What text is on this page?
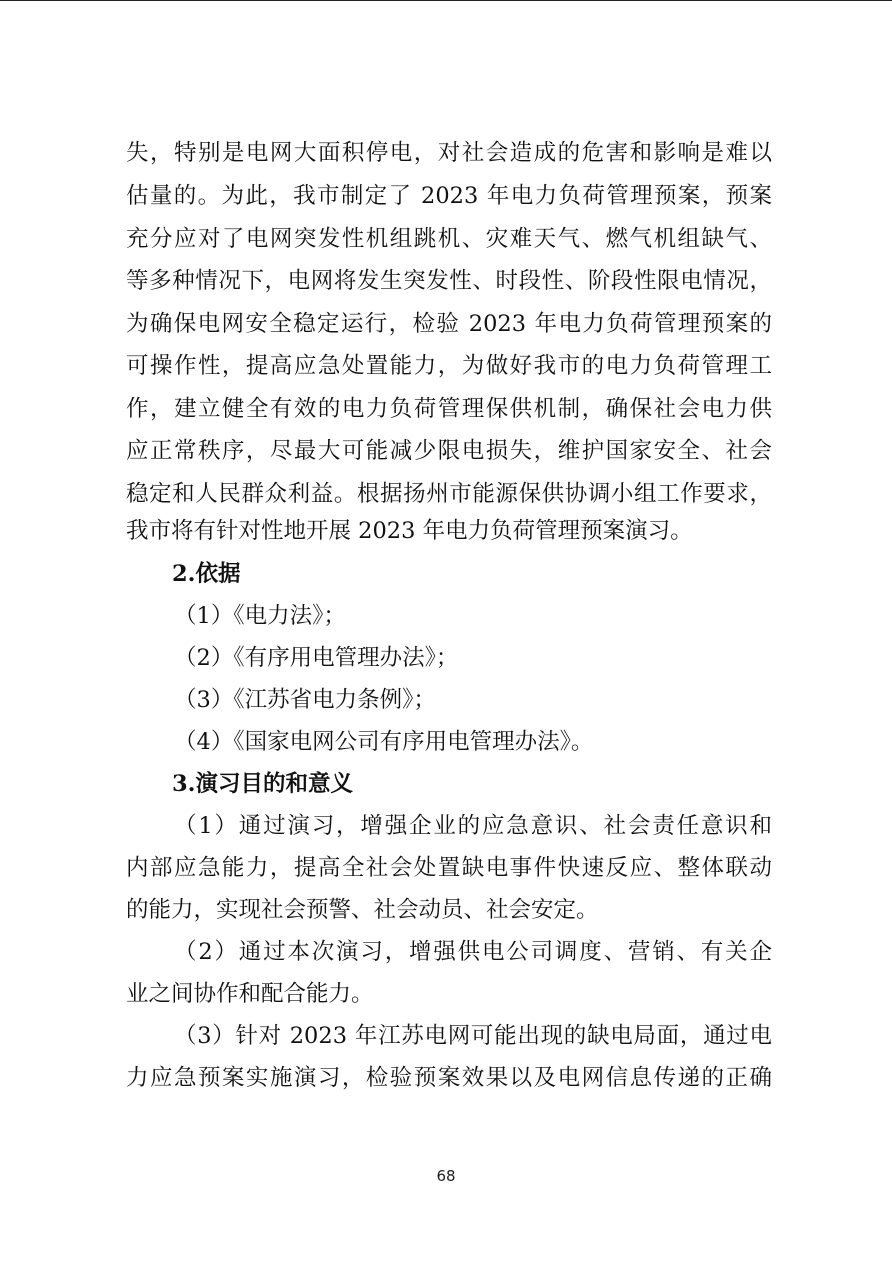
失，特别是电网大面积停电，对社会造成的危害和影响是难以
估量的。为此，我市制定了 2023 年电力负荷管理预案，预案
充分应对了电网突发性机组跳机、灾难天气、燃气机组缺气、
等多种情况下，电网将发生突发性、时段性、阶段性限电情况，
为确保电网安全稳定运行，检验 2023 年电力负荷管理预案的
可操作性，提高应急处置能力，为做好我市的电力负荷管理工
作，建立健全有效的电力负荷管理保供机制，确保社会电力供
应正常秩序，尽最大可能减少限电损失，维护国家安全、社会
稳定和人民群众利益。根据扬州市能源保供协调小组工作要求，
我市将有针对性地开展 2023 年电力负荷管理预案演习。
2.依据
（1）《电力法》；
（2）《有序用电管理办法》；
（3）《江苏省电力条例》；
（4）《国家电网公司有序用电管理办法》。
3.演习目的和意义
（1）通过演习，增强企业的应急意识、社会责任意识和
内部应急能力，提高全社会处置缺电事件快速反应、整体联动
的能力，实现社会预警、社会动员、社会安定。
（2）通过本次演习，增强供电公司调度、营销、有关企
业之间协作和配合能力。
（3）针对 2023 年江苏电网可能出现的缺电局面，通过电
力应急预案实施演习，检验预案效果以及电网信息传递的正确
68
